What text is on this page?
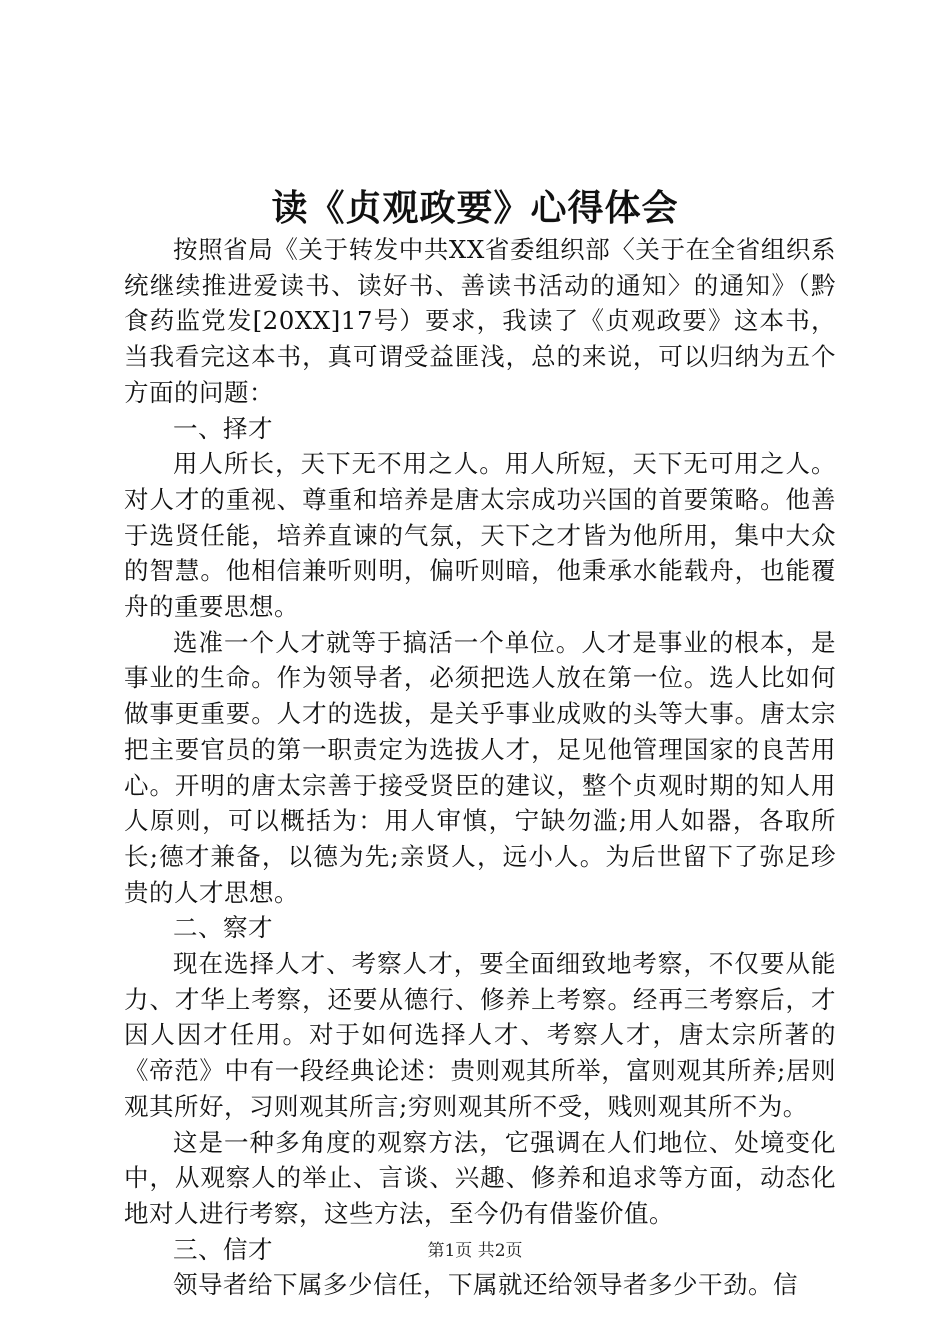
读《贞观政要》心得体会

按照省局《关于转发中共XX省委组织部〈关于在全省组织系统继续推进爱读书、读好书、善读书活动的通知〉的通知》（黔食药监党发[20XX]17号）要求，我读了《贞观政要》这本书，当我看完这本书，真可谓受益匪浅，总的来说，可以归纳为五个方面的问题：

一、择才

用人所长，天下无不用之人。用人所短，天下无可用之人。对人才的重视、尊重和培养是唐太宗成功兴国的首要策略。他善于选贤任能，培养直谏的气氛，天下之才皆为他所用，集中大众的智慧。他相信兼听则明，偏听则暗，他秉承水能载舟，也能覆舟的重要思想。

选准一个人才就等于搞活一个单位。人才是事业的根本，是事业的生命。作为领导者，必须把选人放在第一位。选人比如何做事更重要。人才的选拔，是关乎事业成败的头等大事。唐太宗把主要官员的第一职责定为选拔人才，足见他管理国家的良苦用心。开明的唐太宗善于接受贤臣的建议，整个贞观时期的知人用人原则，可以概括为：用人审慎，宁缺勿滥;用人如器，各取所长;德才兼备，以德为先;亲贤人，远小人。为后世留下了弥足珍贵的人才思想。

二、察才

现在选择人才、考察人才，要全面细致地考察，不仅要从能力、才华上考察，还要从德行、修养上考察。经再三考察后，才因人因才任用。对于如何选择人才、考察人才，唐太宗所著的《帝范》中有一段经典论述：贵则观其所举，富则观其所养;居则观其所好，习则观其所言;穷则观其所不受，贱则观其所不为。

这是一种多角度的观察方法，它强调在人们地位、处境变化中，从观察人的举止、言谈、兴趣、修养和追求等方面，动态化地对人进行考察，这些方法，至今仍有借鉴价值。

三、信才

领导者给下属多少信任，下属就还给领导者多少干劲。信

第1页 共2页
